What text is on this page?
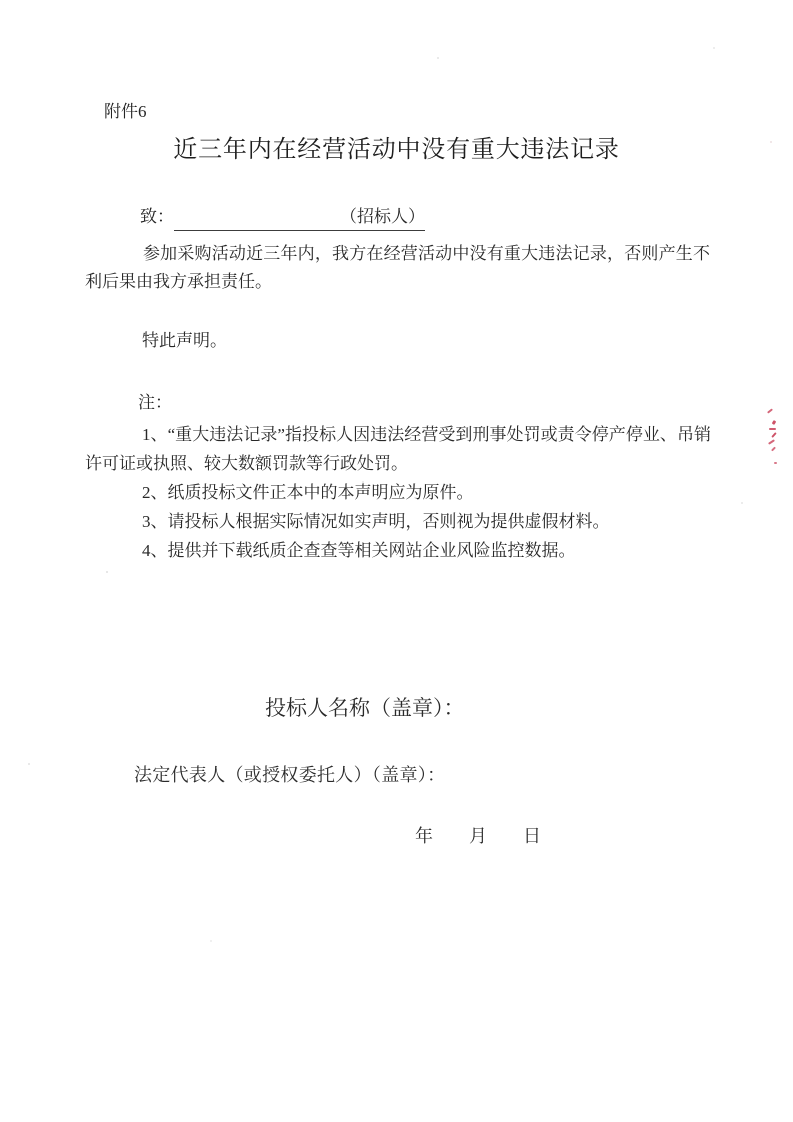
附件6
近三年内在经营活动中没有重大违法记录
致：	（招标人）
参加采购活动近三年内，我方在经营活动中没有重大违法记录，否则产生不利后果由我方承担责任。
特此声明。
注：

1、“重大违法记录”指投标人因违法经营受到刑事处罚或责令停产停业、吊销许可证或执照、较大数额罚款等行政处罚。

2、纸质投标文件正本中的本声明应为原件。

3、请投标人根据实际情况如实声明，否则视为提供虚假材料。

4、提供并下载纸质企查查等相关网站企业风险监控数据。

投标人名称（盖章）：
法定代表人（或授权委托人）（盖章）：
年　　月　　日
